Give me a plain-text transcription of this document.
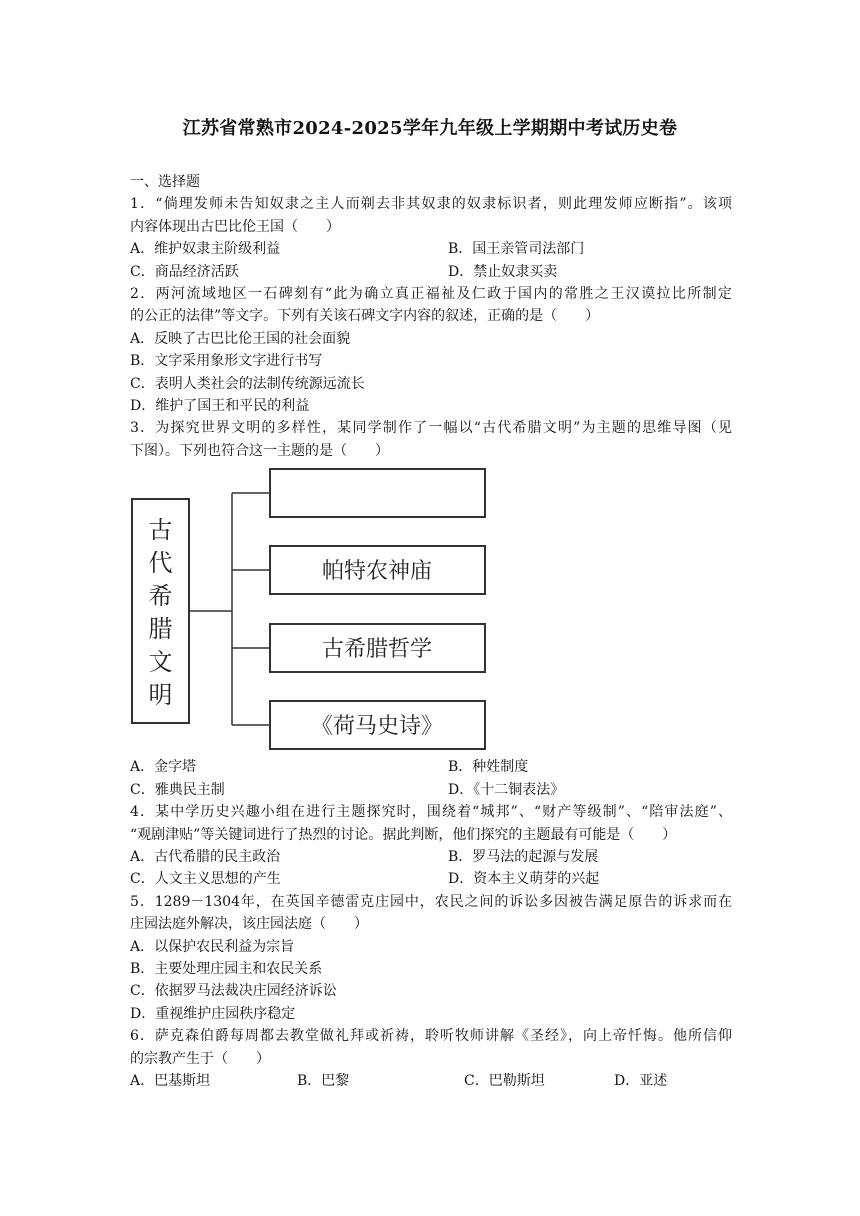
江苏省常熟市2024-2025学年九年级上学期期中考试历史卷
一、选择题
1．“倘理发师未告知奴隶之主人而剃去非其奴隶的奴隶标识者，则此理发师应断指”。该项
内容体现出古巴比伦王国（　　）
A．维护奴隶主阶级利益	B．国王亲管司法部门
C．商品经济活跃	D．禁止奴隶买卖
2．两河流域地区一石碑刻有“此为确立真正福祉及仁政于国内的常胜之王汉谟拉比所制定
的公正的法律”等文字。下列有关该石碑文字内容的叙述，正确的是（　　）
A．反映了古巴比伦王国的社会面貌
B．文字采用象形文字进行书写
C．表明人类社会的法制传统源远流长
D．维护了国王和平民的利益
3．为探究世界文明的多样性，某同学制作了一幅以“古代希腊文明”为主题的思维导图（见
下图）。下列也符合这一主题的是（　　）
古
代
希
腊
文
明
帕特农神庙
古希腊哲学
《荷马史诗》
A．金字塔	B．种姓制度
C．雅典民主制	D．《十二铜表法》
4．某中学历史兴趣小组在进行主题探究时，围绕着“城邦”、“财产等级制”、“陪审法庭”、
“观剧津贴”等关键词进行了热烈的讨论。据此判断，他们探究的主题最有可能是（　　）
A．古代希腊的民主政治	B．罗马法的起源与发展
C．人文主义思想的产生	D．资本主义萌芽的兴起
5．1289－1304年，在英国辛德雷克庄园中，农民之间的诉讼多因被告满足原告的诉求而在
庄园法庭外解决，该庄园法庭（　　）
A．以保护农民利益为宗旨
B．主要处理庄园主和农民关系
C．依据罗马法裁决庄园经济诉讼
D．重视维护庄园秩序稳定
6．萨克森伯爵每周都去教堂做礼拜或祈祷，聆听牧师讲解《圣经》，向上帝忏悔。他所信仰
的宗教产生于（　　）
A．巴基斯坦	B．巴黎	C．巴勒斯坦	D．亚述
